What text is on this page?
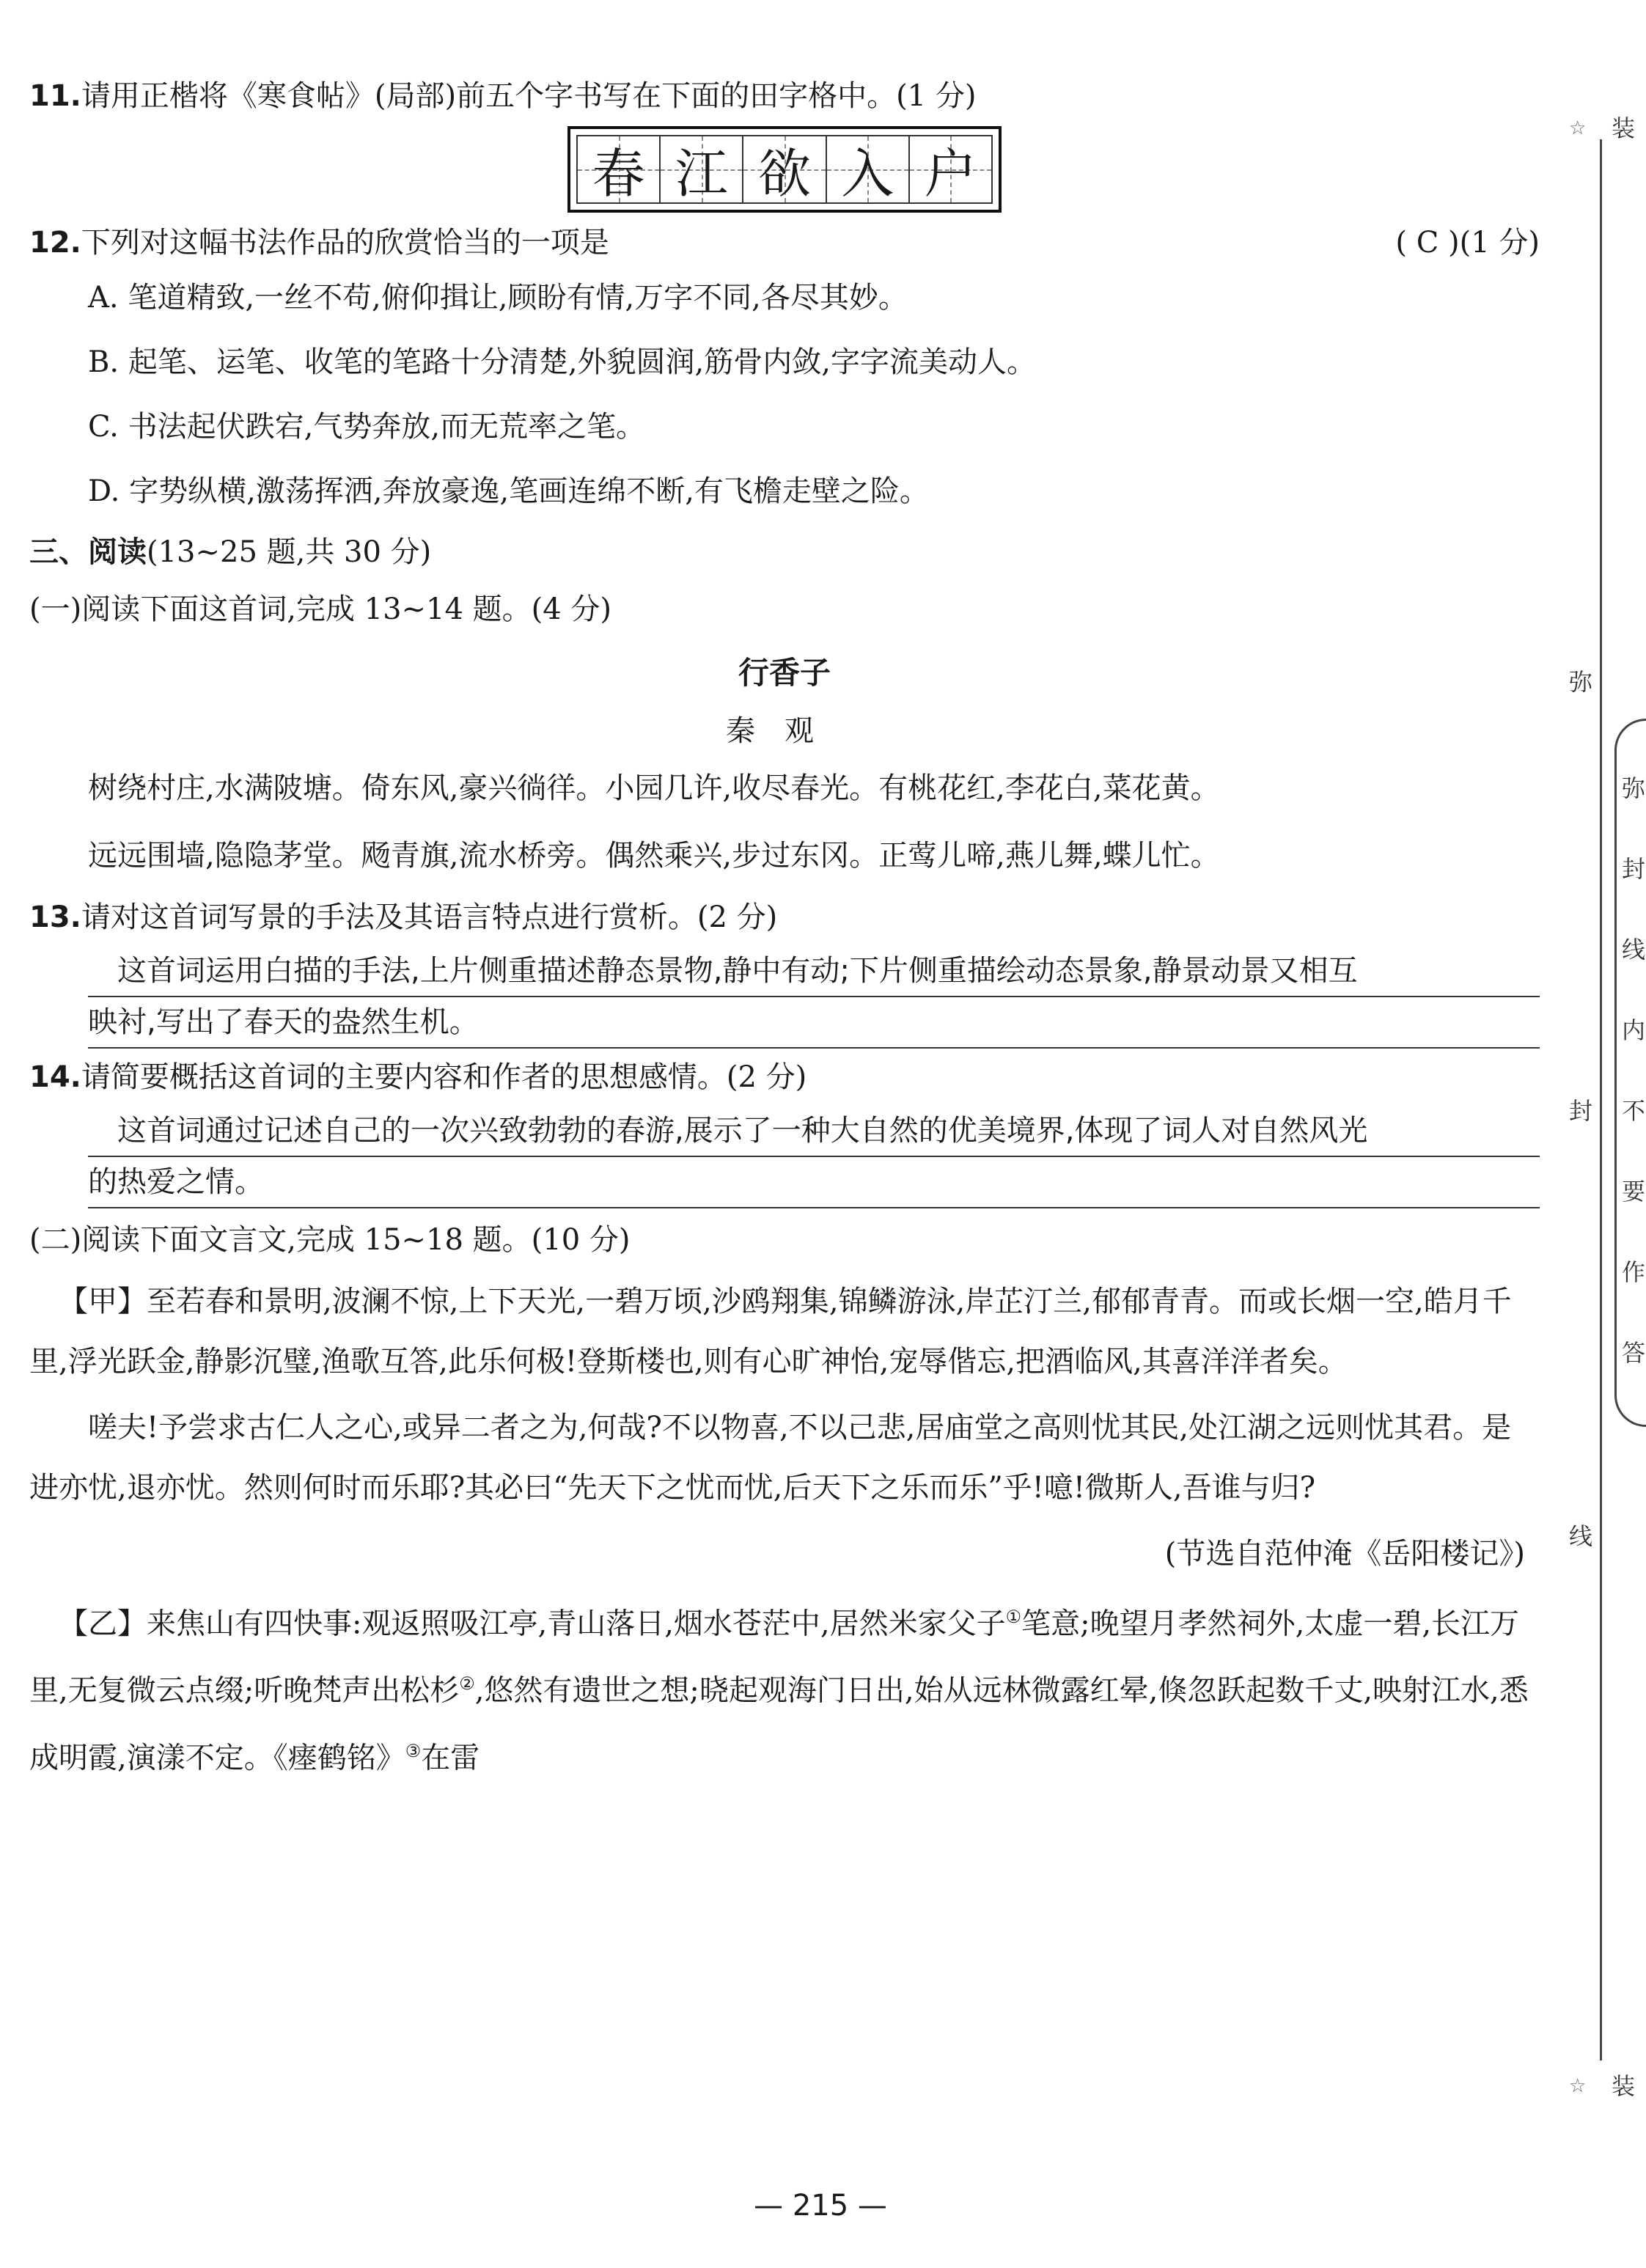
11.请用正楷将《寒食帖》(局部)前五个字书写在下面的田字格中。(1 分)
春 江 欲 入 户
12.下列对这幅书法作品的欣赏恰当的一项是	( C )(1 分)
A. 笔道精致,一丝不苟,俯仰揖让,顾盼有情,万字不同,各尽其妙。
B. 起笔、运笔、收笔的笔路十分清楚,外貌圆润,筋骨内敛,字字流美动人。
C. 书法起伏跌宕,气势奔放,而无荒率之笔。
D. 字势纵横,激荡挥洒,奔放豪逸,笔画连绵不断,有飞檐走壁之险。
三、阅读(13~25 题,共 30 分)
(一)阅读下面这首词,完成 13~14 题。(4 分)
行香子
秦观
树绕村庄,水满陂塘。倚东风,豪兴徜徉。小园几许,收尽春光。有桃花红,李花白,菜花黄。
远远围墙,隐隐茅堂。飏青旗,流水桥旁。偶然乘兴,步过东冈。正莺儿啼,燕儿舞,蝶儿忙。
13.请对这首词写景的手法及其语言特点进行赏析。(2 分)
这首词运用白描的手法,上片侧重描述静态景物,静中有动;下片侧重描绘动态景象,静景动景又相互
映衬,写出了春天的盎然生机。
14.请简要概括这首词的主要内容和作者的思想感情。(2 分)
这首词通过记述自己的一次兴致勃勃的春游,展示了一种大自然的优美境界,体现了词人对自然风光
的热爱之情。
(二)阅读下面文言文,完成 15~18 题。(10 分)
【甲】至若春和景明,波澜不惊,上下天光,一碧万顷,沙鸥翔集,锦鳞游泳,岸芷汀兰,郁郁青青。而或长烟一空,皓月千里,浮光跃金,静影沉璧,渔歌互答,此乐何极!登斯楼也,则有心旷神怡,宠辱偕忘,把酒临风,其喜洋洋者矣。
嗟夫!予尝求古仁人之心,或异二者之为,何哉?不以物喜,不以己悲,居庙堂之高则忧其民,处江湖之远则忧其君。是进亦忧,退亦忧。然则何时而乐耶?其必曰“先天下之忧而忧,后天下之乐而乐”乎!噫!微斯人,吾谁与归?
(节选自范仲淹《岳阳楼记》)
【乙】来焦山有四快事:观返照吸江亭,青山落日,烟水苍茫中,居然米家父子①笔意;晚望月孝然祠外,太虚一碧,长江万里,无复微云点缀;听晚梵声出松杉②,悠然有遗世之想;晓起观海门日出,始从远林微露红晕,倏忽跃起数千丈,映射江水,悉成明霞,演漾不定。《瘗鹤铭》③在雷
☆ 装
弥
封
线
弥
封
线
内
不
要
作
答
☆ 装
— 215 —
